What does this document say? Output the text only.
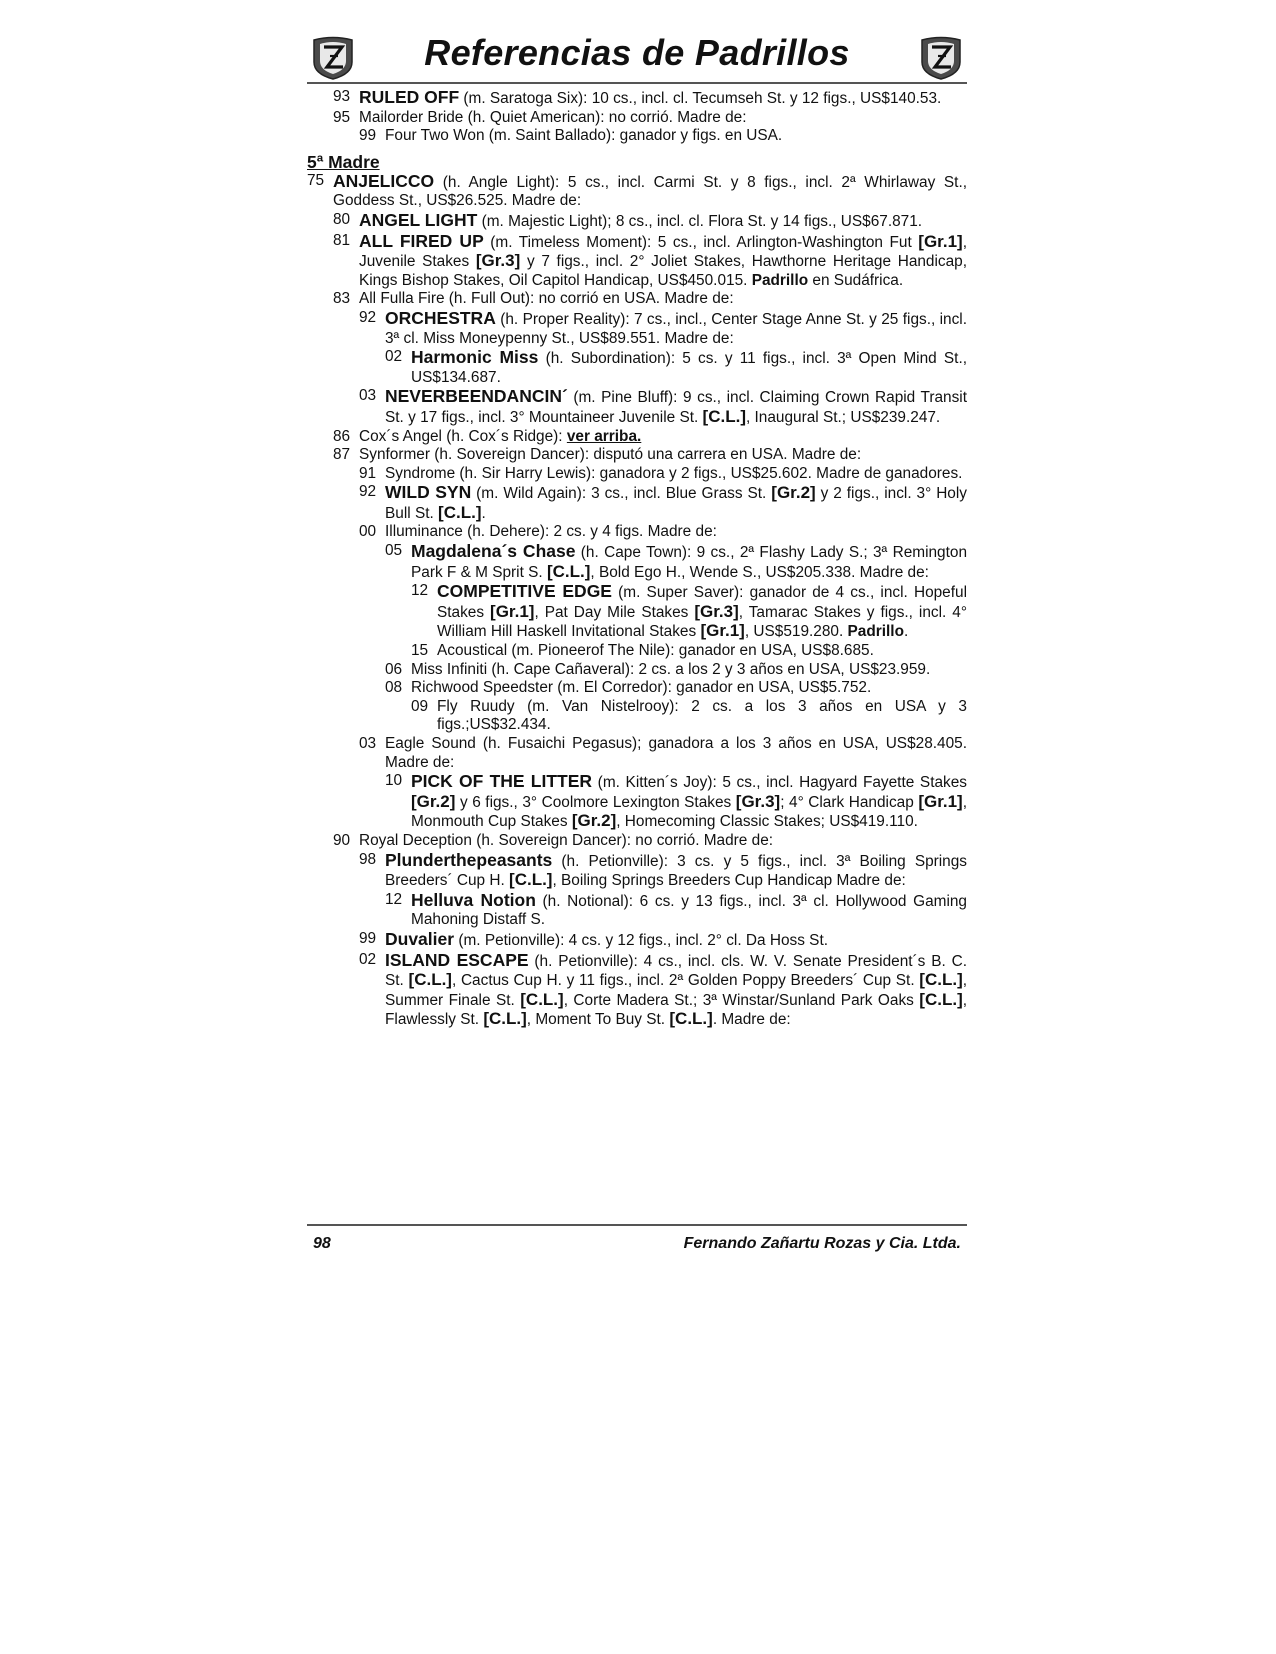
Referencias de Padrillos
93 RULED OFF (m. Saratoga Six): 10 cs., incl. cl. Tecumseh St. y 12 figs., US$140.53.
95 Mailorder Bride (h. Quiet American): no corrió. Madre de:
99 Four Two Won (m. Saint Ballado): ganador y figs. en USA.
5ª Madre
75 ANJELICCO (h. Angle Light): 5 cs., incl. Carmi St. y 8 figs., incl. 2ª Whirlaway St., Goddess St., US$26.525. Madre de:
80 ANGEL LIGHT (m. Majestic Light); 8 cs., incl. cl. Flora St. y 14 figs., US$67.871.
81 ALL FIRED UP (m. Timeless Moment): 5 cs., incl. Arlington-Washington Fut [Gr.1], Juvenile Stakes [Gr.3] y 7 figs., incl. 2° Joliet Stakes, Hawthorne Heritage Handicap, Kings Bishop Stakes, Oil Capitol Handicap, US$450.015. Padrillo en Sudáfrica.
83 All Fulla Fire (h. Full Out): no corrió en USA. Madre de:
92 ORCHESTRA (h. Proper Reality): 7 cs., incl., Center Stage Anne St. y 25 figs., incl. 3ª cl. Miss Moneypenny St., US$89.551. Madre de:
02 Harmonic Miss (h. Subordination): 5 cs. y 11 figs., incl. 3ª Open Mind St., US$134.687.
03 NEVERBEENDANCIN´ (m. Pine Bluff): 9 cs., incl. Claiming Crown Rapid Transit St. y 17 figs., incl. 3° Mountaineer Juvenile St. [C.L.], Inaugural St.; US$239.247.
86 Cox´s Angel (h. Cox´s Ridge): ver arriba.
87 Synformer (h. Sovereign Dancer): disputó una carrera en USA. Madre de:
91 Syndrome (h. Sir Harry Lewis): ganadora y 2 figs., US$25.602. Madre de ganadores.
92 WILD SYN (m. Wild Again): 3 cs., incl. Blue Grass St. [Gr.2] y 2 figs., incl. 3° Holy Bull St. [C.L.].
00 Illuminance (h. Dehere): 2 cs. y 4 figs. Madre de:
05 Magdalena´s Chase (h. Cape Town): 9 cs., 2ª Flashy Lady S.; 3ª Remington Park F & M Sprit S. [C.L.], Bold Ego H., Wende S., US$205.338. Madre de:
12 COMPETITIVE EDGE (m. Super Saver): ganador de 4 cs., incl. Hopeful Stakes [Gr.1], Pat Day Mile Stakes [Gr.3], Tamarac Stakes y figs., incl. 4° William Hill Haskell Invitational Stakes [Gr.1], US$519.280. Padrillo.
15 Acoustical (m. Pioneerof The Nile): ganador en USA, US$8.685.
06 Miss Infiniti (h. Cape Cañaveral): 2 cs. a los 2 y 3 años en USA, US$23.959.
08 Richwood Speedster (m. El Corredor): ganador en USA, US$5.752.
09 Fly Ruudy (m. Van Nistelrooy): 2 cs. a los 3 años en USA y 3 figs.;US$32.434.
03 Eagle Sound (h. Fusaichi Pegasus); ganadora a los 3 años en USA, US$28.405. Madre de:
10 PICK OF THE LITTER (m. Kitten´s Joy): 5 cs., incl. Hagyard Fayette Stakes [Gr.2] y 6 figs., 3° Coolmore Lexington Stakes [Gr.3]; 4° Clark Handicap [Gr.1], Monmouth Cup Stakes [Gr.2], Homecoming Classic Stakes; US$419.110.
90 Royal Deception (h. Sovereign Dancer): no corrió. Madre de:
98 Plunderthepeasants (h. Petionville): 3 cs. y 5 figs., incl. 3ª Boiling Springs Breeders´ Cup H. [C.L.], Boiling Springs Breeders Cup Handicap Madre de:
12 Helluva Notion (h. Notional): 6 cs. y 13 figs., incl. 3ª cl. Hollywood Gaming Mahoning Distaff S.
99 Duvalier (m. Petionville): 4 cs. y 12 figs., incl. 2° cl. Da Hoss St.
02 ISLAND ESCAPE (h. Petionville): 4 cs., incl. cls. W. V. Senate President´s B. C. St. [C.L.], Cactus Cup H. y 11 figs., incl. 2ª Golden Poppy Breeders´ Cup St. [C.L.], Summer Finale St. [C.L.], Corte Madera St.; 3ª Winstar/Sunland Park Oaks [C.L.], Flawlessly St. [C.L.], Moment To Buy St. [C.L.]. Madre de:
98	Fernando Zañartu Rozas y Cia. Ltda.
